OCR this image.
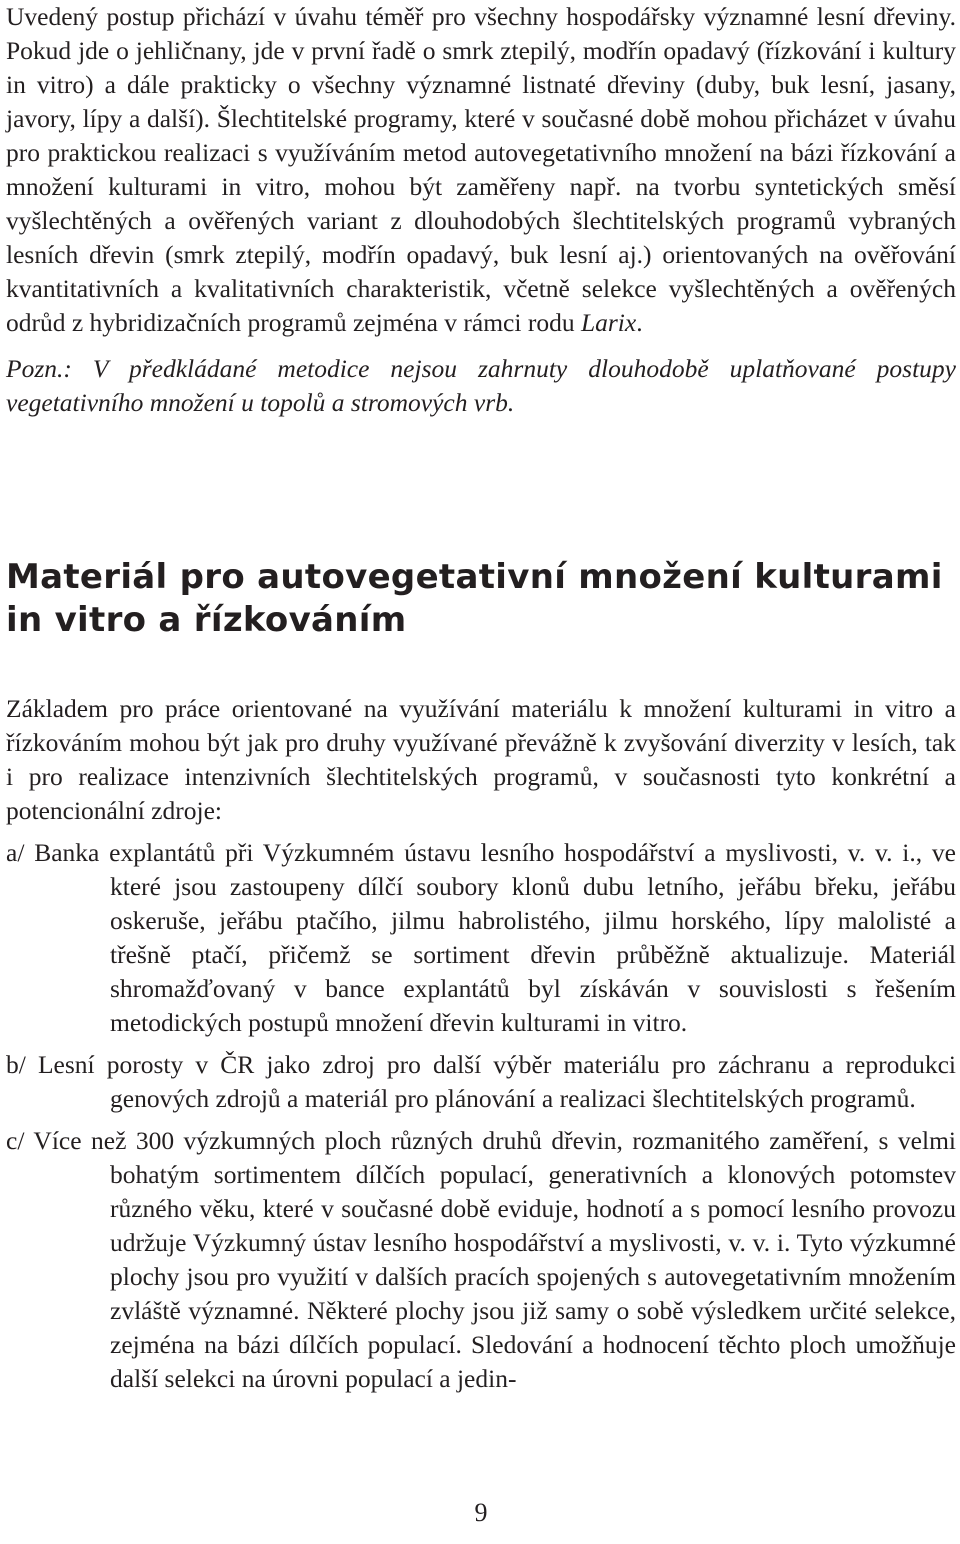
Uvedený postup přichází v úvahu téměř pro všechny hospodářsky významné lesní dřeviny. Pokud jde o jehličnany, jde v první řadě o smrk ztepilý, modřín opadavý (řízkování i kultury in vitro) a dále prakticky o všechny významné listnaté dřeviny (duby, buk lesní, jasany, javory, lípy a další). Šlechtitelské programy, které v současné době mohou přicházet v úvahu pro praktickou realizaci s využíváním metod autovegetativního množení na bázi řízkování a množení kulturami in vitro, mohou být zaměřeny např. na tvorbu syntetických směsí vyšlechtěných a ověřených variant z dlouhodobých šlechtitelských programů vybraných lesních dřevin (smrk ztepilý, modřín opadavý, buk lesní aj.) orientovaných na ověřování kvantitativních a kvalitativních charakteristik, včetně selekce vyšlechtěných a ověřených odrůd z hybridizačních programů zejména v rámci rodu Larix.

Pozn.: V předkládané metodice nejsou zahrnuty dlouhodobě uplatňované postupy vegetativního množení u topolů a stromových vrb.

Materiál pro autovegetativní množení kulturami in vitro a řízkováním

Základem pro práce orientované na využívání materiálu k množení kulturami in vitro a řízkováním mohou být jak pro druhy využívané převážně k zvyšování diverzity v lesích, tak i pro realizace intenzivních šlechtitelských programů, v současnosti tyto konkrétní a potencionální zdroje:

a/ Banka explantátů při Výzkumném ústavu lesního hospodářství a myslivosti, v. v. i., ve které jsou zastoupeny dílčí soubory klonů dubu letního, jeřábu břeku, jeřábu oskeruše, jeřábu ptačího, jilmu habrolistého, jilmu horského, lípy malolisté a třešně ptačí, přičemž se sortiment dřevin průběžně aktualizuje. Materiál shromažďovaný v bance explantátů byl získáván v souvislosti s řešením metodických postupů množení dřevin kulturami in vitro.

b/ Lesní porosty v ČR jako zdroj pro další výběr materiálu pro záchranu a reprodukci genových zdrojů a materiál pro plánování a realizaci šlechtitelských programů.

c/ Více než 300 výzkumných ploch různých druhů dřevin, rozmanitého zaměření, s velmi bohatým sortimentem dílčích populací, generativních a klonových potomstev různého věku, které v současné době eviduje, hodnotí a s pomocí lesního provozu udržuje Výzkumný ústav lesního hospodářství a myslivosti, v. v. i. Tyto výzkumné plochy jsou pro využití v dalších pracích spojených s autovegetativním množením zvláště významné. Některé plochy jsou již samy o sobě výsledkem určité selekce, zejména na bázi dílčích populací. Sledování a hodnocení těchto ploch umožňuje další selekci na úrovni populací a jedin-

9
